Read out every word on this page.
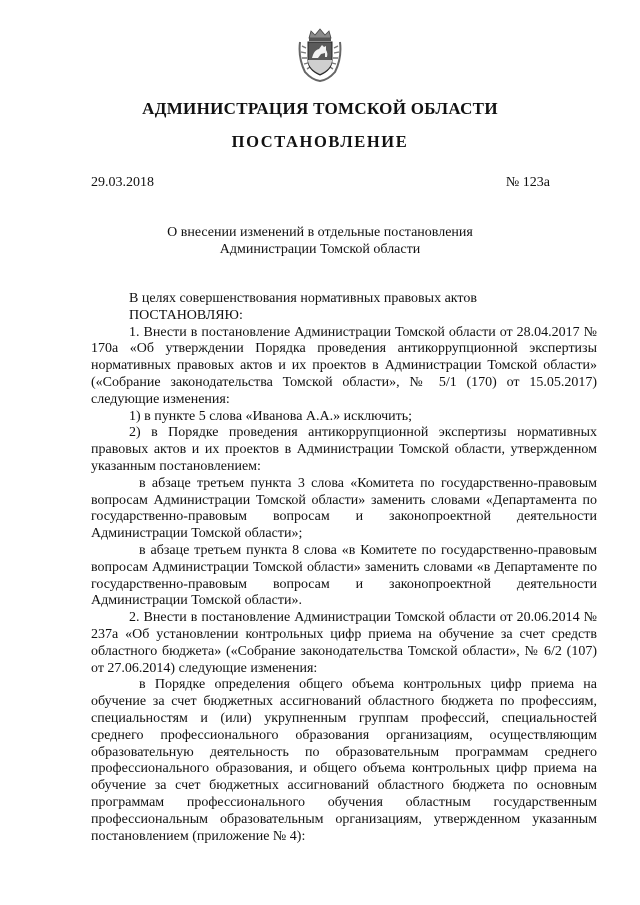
АДМИНИСТРАЦИЯ ТОМСКОЙ ОБЛАСТИ
ПОСТАНОВЛЕНИЕ
29.03.2018	№ 123а
О внесении изменений в отдельные постановления
Администрации Томской области

В целях совершенствования нормативных правовых актов

ПОСТАНОВЛЯЮ:

1. Внести в постановление Администрации Томской области от 28.04.2017 № 170а «Об утверждении Порядка проведения антикоррупционной экспертизы нормативных правовых актов и их проектов в Администрации Томской области» («Собрание законодательства Томской области», № 5/1 (170) от 15.05.2017) следующие изменения:

1) в пункте 5 слова «Иванова А.А.» исключить;

2) в Порядке проведения антикоррупционной экспертизы нормативных правовых актов и их проектов в Администрации Томской области, утвержденном указанным постановлением:

в абзаце третьем пункта 3 слова «Комитета по государственно-правовым вопросам Администрации Томской области» заменить словами «Департамента по государственно-правовым вопросам и законопроектной деятельности Администрации Томской области»;

в абзаце третьем пункта 8 слова «в Комитете по государственно-правовым вопросам Администрации Томской области» заменить словами «в Департаменте по государственно-правовым вопросам и законопроектной деятельности Администрации Томской области».

2. Внести в постановление Администрации Томской области от 20.06.2014 № 237а «Об установлении контрольных цифр приема на обучение за счет средств областного бюджета» («Собрание законодательства Томской области», № 6/2 (107) от 27.06.2014) следующие изменения:

в Порядке определения общего объема контрольных цифр приема на обучение за счет бюджетных ассигнований областного бюджета по профессиям, специальностям и (или) укрупненным группам профессий, специальностей среднего профессионального образования организациям, осуществляющим образовательную деятельность по образовательным программам среднего профессионального образования, и общего объема контрольных цифр приема на обучение за счет бюджетных ассигнований областного бюджета по основным программам профессионального обучения областным государственным профессиональным образовательным организациям, утвержденном указанным постановлением (приложение № 4):
